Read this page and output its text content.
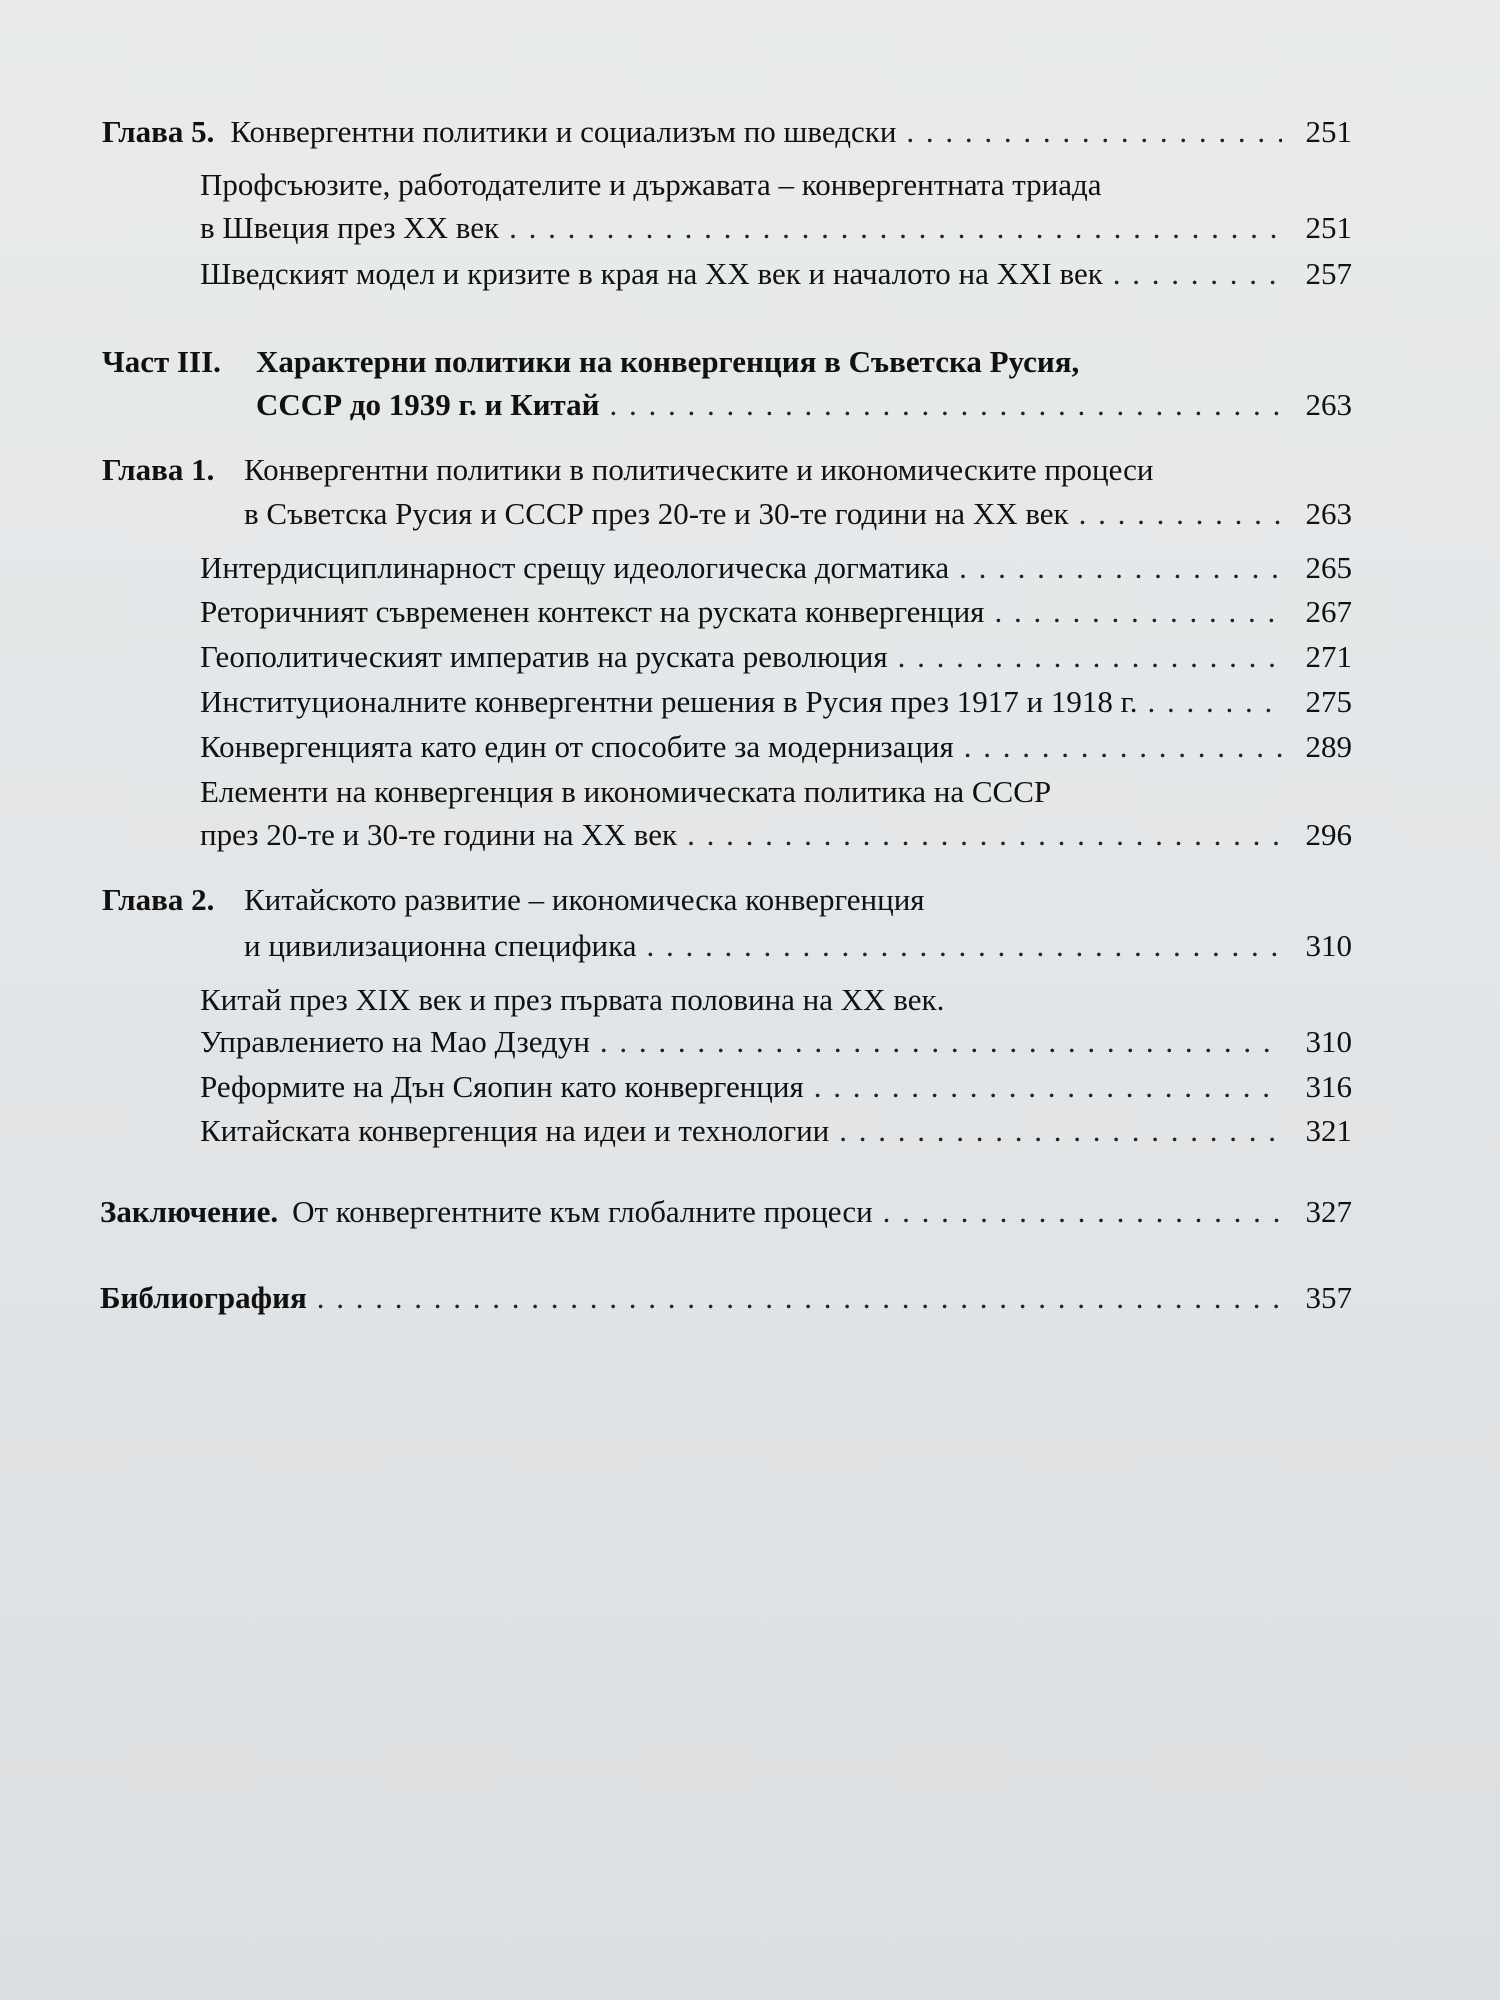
Глава 5. Конвергентни политики и социализъм по шведски . . .	251
Профсъюзите, работодателите и държавата – конвергентната триада
в Швеция през XX век . . .	251
Шведският модел и кризите в края на XX век и началото на XXI век . . .	257
Част III. Характерни политики на конвергенция в Съветска Русия,
СССР до 1939 г. и Китай . . .	263
Глава 1. Конвергентни политики в политическите и икономическите процеси
в Съветска Русия и СССР през 20-те и 30-те години на XX век . . .	263
Интердисциплинарност срещу идеологическа догматика . . .	265
Реторичният съвременен контекст на руската конвергенция . . .	267
Геополитическият императив на руската революция . . .	271
Институционалните конвергентни решения в Русия през 1917 и 1918 г. . . .	275
Конвергенцията като един от способите за модернизация . . .	289
Елементи на конвергенция в икономическата политика на СССР
през 20-те и 30-те години на XX век . . .	296
Глава 2. Китайското развитие – икономическа конвергенция
и цивилизационна специфика . . .	310
Китай през XIX век и през първата половина на XX век.
Управлението на Мао Дзедун . . .	310
Реформите на Дън Сяопин като конвергенция . . .	316
Китайската конвергенция на идеи и технологии . . .	321
Заключение. От конвергентните към глобалните процеси . . .	327
Библиография . . .	357
